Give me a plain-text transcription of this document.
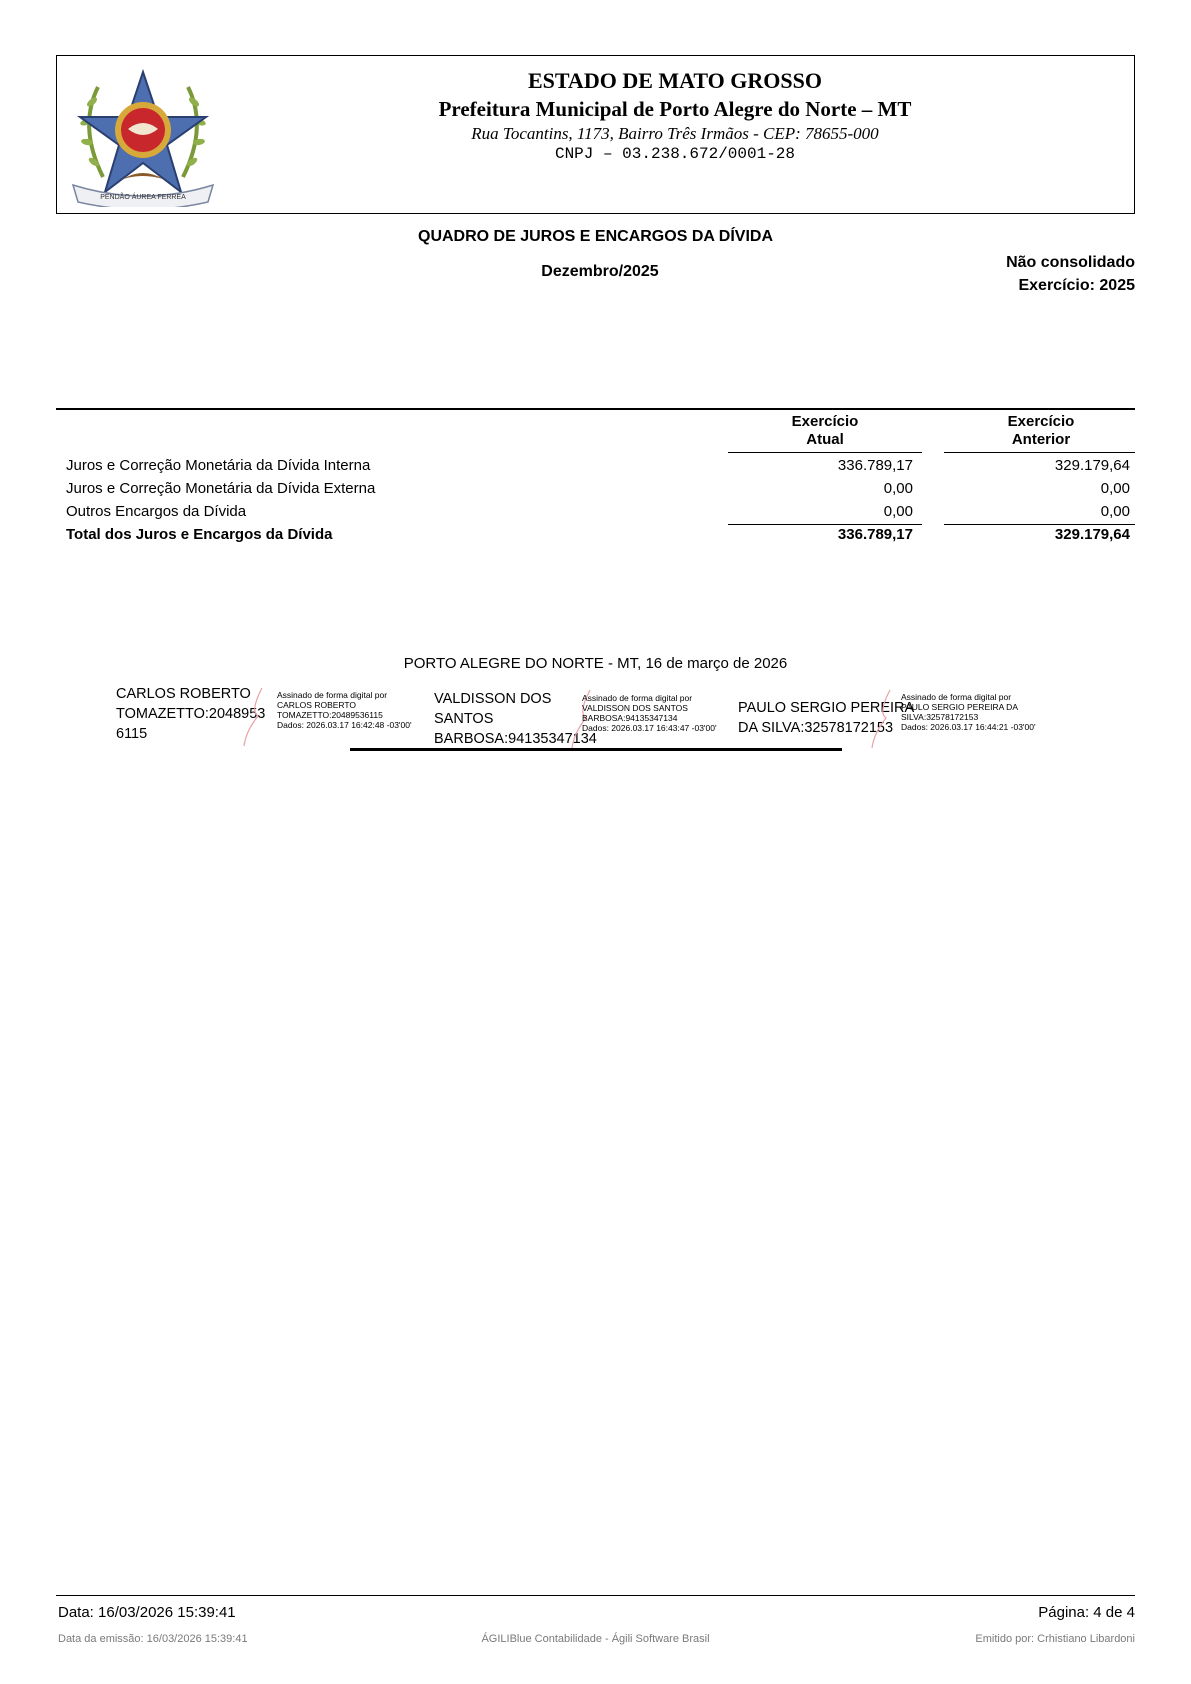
PENDÃO ÁUREA FERREA
ESTADO DE MATO GROSSO
Prefeitura Municipal de Porto Alegre do Norte – MT
Rua Tocantins, 1173, Bairro Três Irmãos - CEP: 78655-000
CNPJ – 03.238.672/0001-28
QUADRO DE JUROS E ENCARGOS DA DÍVIDA
Dezembro/2025
Não consolidado
Exercício: 2025
Exercício
Atual
Exercício
Anterior
Juros e Correção Monetária da Dívida Interna	336.789,17	329.179,64
Juros e Correção Monetária da Dívida Externa	0,00	0,00
Outros Encargos da Dívida	0,00	0,00
Total dos Juros e Encargos da Dívida	336.789,17	329.179,64
PORTO ALEGRE DO NORTE - MT, 16 de março de 2026
CARLOS ROBERTO
TOMAZETTO:2048953
6115
Assinado de forma digital por
CARLOS ROBERTO
TOMAZETTO:20489536115
Dados: 2026.03.17 16:42:48 -03'00'
VALDISSON DOS
SANTOS
BARBOSA:94135347134
Assinado de forma digital por
VALDISSON DOS SANTOS
BARBOSA:94135347134
Dados: 2026.03.17 16:43:47 -03'00'
PAULO SERGIO PEREIRA
DA SILVA:32578172153
Assinado de forma digital por
PAULO SERGIO PEREIRA DA
SILVA:32578172153
Dados: 2026.03.17 16:44:21 -03'00'
Data: 16/03/2026 15:39:41	Página: 4 de 4
Data da emissão: 16/03/2026 15:39:41	ÁGILIBlue Contabilidade - Ágili Software Brasil	Emitido por: Crhistiano Libardoni
